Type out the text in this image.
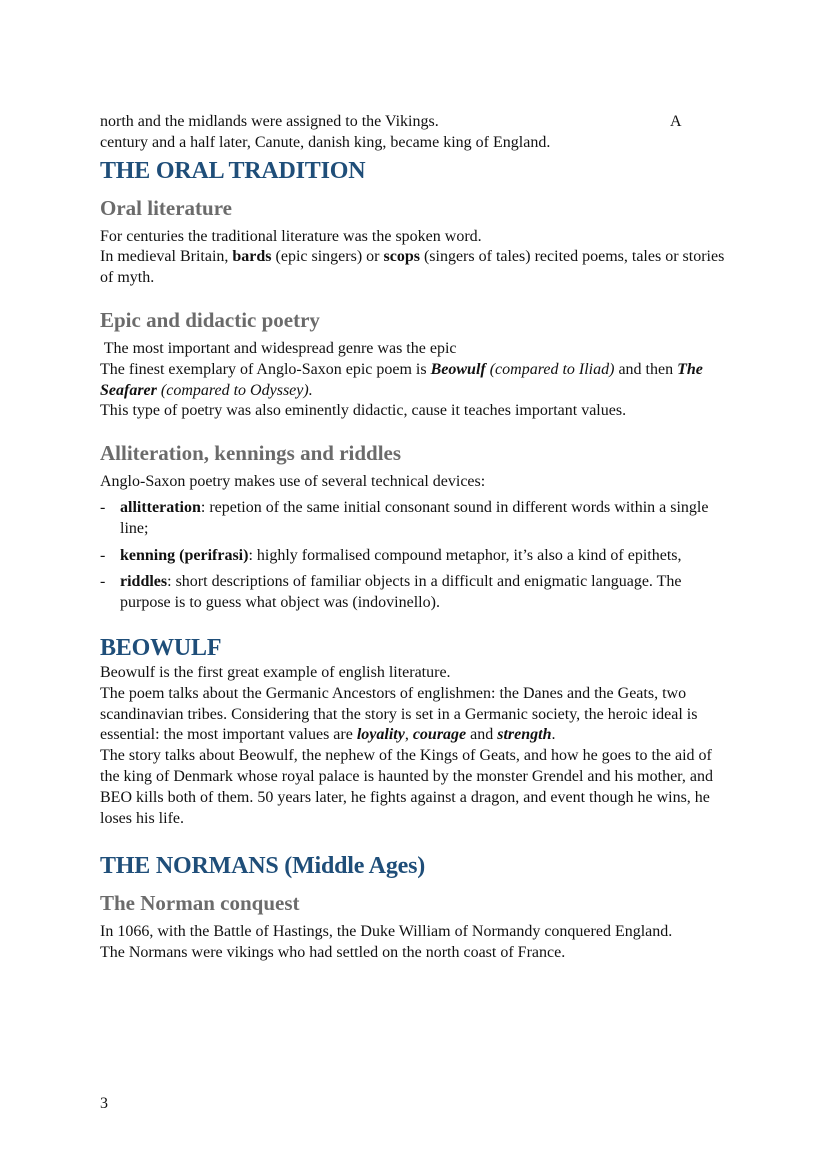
north and the midlands were assigned to the Vikings.	A

century and a half later, Canute, danish king, became king of England.

THE ORAL TRADITION
Oral literature

For centuries the traditional literature was the spoken word.

In medieval Britain, bards (epic singers) or scops (singers of tales) recited poems, tales or stories of myth.

Epic and didactic poetry

The most important and widespread genre was the epic

The finest exemplary of Anglo-Saxon epic poem is Beowulf (compared to Iliad) and then The Seafarer (compared to Odyssey).

This type of poetry was also eminently didactic, cause it teaches important values.

Alliteration, kennings and riddles

Anglo-Saxon poetry makes use of several technical devices:

- allitteration: repetion of the same initial consonant sound in different words within a single line;
- kenning (perifrasi): highly formalised compound metaphor, it’s also a kind of epithets,
- riddles: short descriptions of familiar objects in a difficult and enigmatic language. The purpose is to guess what object was (indovinello).
BEOWULF

Beowulf is the first great example of english literature.

The poem talks about the Germanic Ancestors of englishmen: the Danes and the Geats, two scandinavian tribes. Considering that the story is set in a Germanic society, the heroic ideal is essential: the most important values are loyality, courage and strength.

The story talks about Beowulf, the nephew of the Kings of Geats, and how he goes to the aid of the king of Denmark whose royal palace is haunted by the monster Grendel and his mother, and BEO kills both of them. 50 years later, he fights against a dragon, and event though he wins, he loses his life.

THE NORMANS (Middle Ages)
The Norman conquest

In 1066, with the Battle of Hastings, the Duke William of Normandy conquered England.

The Normans were vikings who had settled on the north coast of France.

3
